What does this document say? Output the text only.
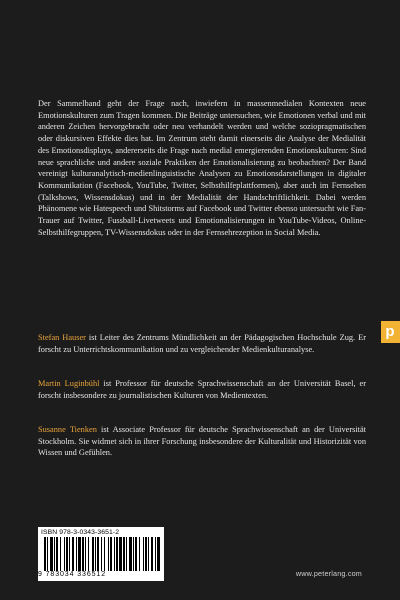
Der Sammelband geht der Frage nach, inwiefern in massenmedialen Kontexten neue Emotionskulturen zum Tragen kommen. Die Beiträge untersuchen, wie Emotionen verbal und mit anderen Zeichen hervorgebracht oder neu verhandelt werden und welche soziopragmatischen oder diskursiven Effekte dies hat. Im Zentrum steht damit einerseits die Analyse der Medialität des Emotionsdisplays, andererseits die Frage nach medial emergierenden Emotionskulturen: Sind neue sprachliche und andere soziale Praktiken der Emotionalisierung zu beobachten? Der Band vereinigt kulturanalytisch-medienlinguistische Analysen zu Emotionsdarstellungen in digitaler Kommunikation (Facebook, YouTube, Twitter, Selbsthilfeplattformen), aber auch im Fernsehen (Talkshows, Wissensdokus) und in der Medialität der Handschriftlichkeit. Dabei werden Phänomene wie Hatespeech und Shitstorms auf Facebook und Twitter ebenso untersucht wie Fan-Trauer auf Twitter, Fussball-Livetweets und Emotionalisierungen in YouTube-Videos, Online-Selbsthilfegruppen, TV-Wissensdokus oder in der Fernsehrezeption in Social Media.

Stefan Hauser ist Leiter des Zentrums Mündlichkeit an der Pädagogischen Hochschule Zug. Er forscht zu Unterrichtskommunikation und zu vergleichender Medienkulturanalyse.

Martin Luginbühl ist Professor für deutsche Sprachwissenschaft an der Universität Basel, er forscht insbesondere zu journalistischen Kulturen von Medientexten.

Susanne Tienken ist Associate Professor für deutsche Sprachwissenschaft an der Universität Stockholm. Sie widmet sich in ihrer Forschung insbesondere der Kulturalität und Historizität von Wissen und Gefühlen.

p
ISBN 978-3-0343-3651-2
9 783034 336512	www.peterlang.com
